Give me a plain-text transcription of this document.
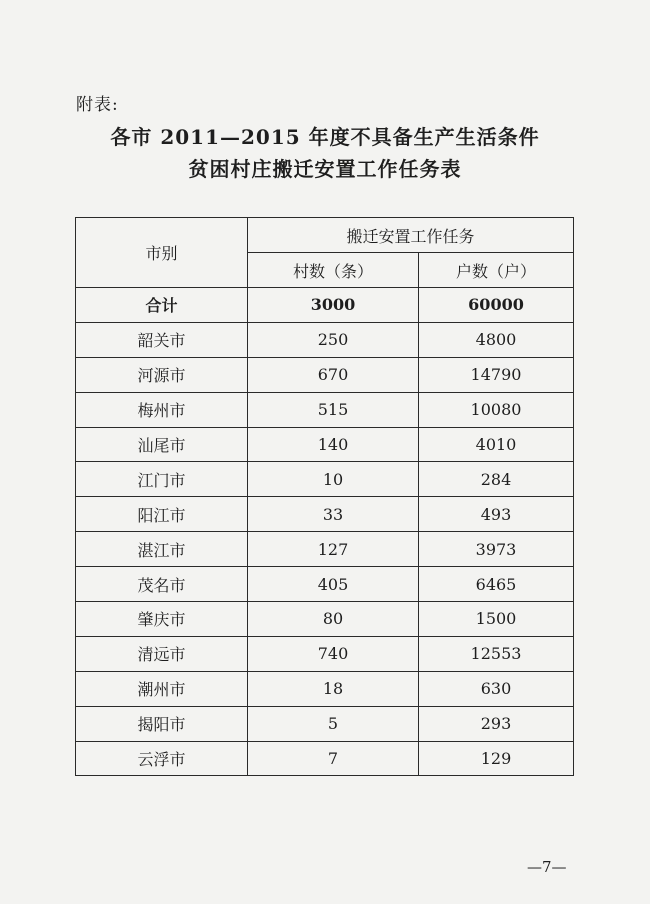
附表:
各市 2011—2015 年度不具备生产生活条件
贫困村庄搬迁安置工作任务表
市别	搬迁安置工作任务	
	村数（条）	户数（户）
合计	3000	60000
韶关市	250	4800
河源市	670	14790
梅州市	515	10080
汕尾市	140	4010
江门市	10	284
阳江市	33	493
湛江市	127	3973
茂名市	405	6465
肇庆市	80	1500
清远市	740	12553
潮州市	18	630
揭阳市	5	293
云浮市	7	129
—7—
